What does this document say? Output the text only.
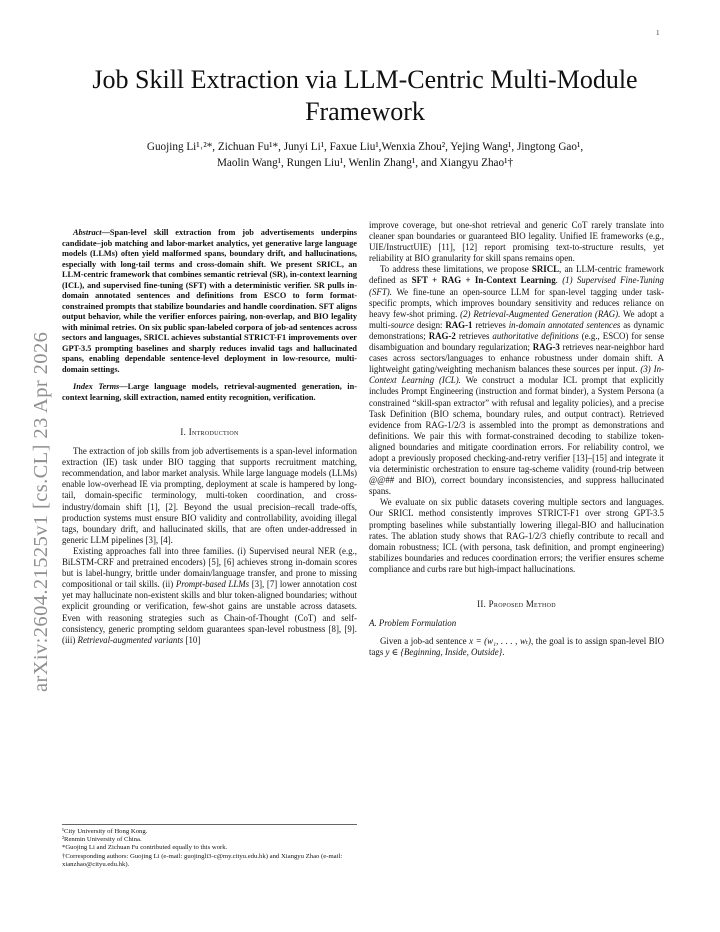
1
arXiv:2604.21525v1 [cs.CL] 23 Apr 2026
Job Skill Extraction via LLM-Centric Multi-Module
Framework

Guojing Li¹˒²*, Zichuan Fu¹*, Junyi Li¹, Faxue Liu¹,Wenxia Zhou², Yejing Wang¹, Jingtong Gao¹,
Maolin Wang¹, Rungen Liu¹, Wenlin Zhang¹, and Xiangyu Zhao¹†

Abstract—Span-level skill extraction from job advertisements underpins candidate–job matching and labor-market analytics, yet generative large language models (LLMs) often yield malformed spans, boundary drift, and hallucinations, especially with long-tail terms and cross-domain shift. We present SRICL, an LLM-centric framework that combines semantic retrieval (SR), in-context learning (ICL), and supervised fine-tuning (SFT) with a deterministic verifier. SR pulls in-domain annotated sentences and definitions from ESCO to form format-constrained prompts that stabilize boundaries and handle coordination. SFT aligns output behavior, while the verifier enforces pairing, non-overlap, and BIO legality with minimal retries. On six public span-labeled corpora of job-ad sentences across sectors and languages, SRICL achieves substantial STRICT-F1 improvements over GPT-3.5 prompting baselines and sharply reduces invalid tags and hallucinated spans, enabling dependable sentence-level deployment in low-resource, multi-domain settings.

Index Terms—Large language models, retrieval-augmented generation, in-context learning, skill extraction, named entity recognition, verification.

I. Introduction

The extraction of job skills from job advertisements is a span-level information extraction (IE) task under BIO tagging that supports recruitment matching, recommendation, and labor market analysis. While large language models (LLMs) enable low-overhead IE via prompting, deployment at scale is hampered by long-tail, domain-specific terminology, multi-token coordination, and cross-industry/domain shift [1], [2]. Beyond the usual precision–recall trade-offs, production systems must ensure BIO validity and controllability, avoiding illegal tags, boundary drift, and hallucinated skills, that are often under-addressed in generic LLM pipelines [3], [4].

Existing approaches fall into three families. (i) Supervised neural NER (e.g., BiLSTM-CRF and pretrained encoders) [5], [6] achieves strong in-domain scores but is label-hungry, brittle under domain/language transfer, and prone to missing compositional or tail skills. (ii) Prompt-based LLMs [3], [7] lower annotation cost yet may hallucinate non-existent skills and blur token-aligned boundaries; without explicit grounding or verification, few-shot gains are unstable across datasets. Even with reasoning strategies such as Chain-of-Thought (CoT) and self-consistency, generic prompting seldom guarantees span-level robustness [8], [9]. (iii) Retrieval-augmented variants [10]

improve coverage, but one-shot retrieval and generic CoT rarely translate into cleaner span boundaries or guaranteed BIO legality. Unified IE frameworks (e.g., UIE/InstructUIE) [11], [12] report promising text-to-structure results, yet reliability at BIO granularity for skill spans remains open.

To address these limitations, we propose SRICL, an LLM-centric framework defined as SFT + RAG + In-Context Learning. (1) Supervised Fine-Tuning (SFT). We fine-tune an open-source LLM for span-level tagging under task-specific prompts, which improves boundary sensitivity and reduces reliance on heavy few-shot priming. (2) Retrieval-Augmented Generation (RAG). We adopt a multi-source design: RAG-1 retrieves in-domain annotated sentences as dynamic demonstrations; RAG-2 retrieves authoritative definitions (e.g., ESCO) for sense disambiguation and boundary regularization; RAG-3 retrieves near-neighbor hard cases across sectors/languages to enhance robustness under domain shift. A lightweight gating/weighting mechanism balances these sources per input. (3) In-Context Learning (ICL). We construct a modular ICL prompt that explicitly includes Prompt Engineering (instruction and format binder), a System Persona (a constrained “skill-span extractor” with refusal and legality policies), and a precise Task Definition (BIO schema, boundary rules, and output contract). Retrieved evidence from RAG-1/2/3 is assembled into the prompt as demonstrations and definitions. We pair this with format-constrained decoding to stabilize token-aligned boundaries and mitigate coordination errors. For reliability control, we adopt a previously proposed checking-and-retry verifier [13]–[15] and integrate it via deterministic orchestration to ensure tag-scheme validity (round-trip between @@## and BIO), correct boundary inconsistencies, and suppress hallucinated spans.

We evaluate on six public datasets covering multiple sectors and languages. Our SRICL method consistently improves STRICT-F1 over strong GPT-3.5 prompting baselines while substantially lowering illegal-BIO and hallucination rates. The ablation study shows that RAG-1/2/3 chiefly contribute to recall and domain robustness; ICL (with persona, task definition, and prompt engineering) stabilizes boundaries and reduces coordination errors; the verifier ensures scheme compliance and curbs rare but high-impact hallucinations.

II. Proposed Method

A. Problem Formulation

Given a job-ad sentence x = (w₁, . . . , wₜ), the goal is to assign span-level BIO tags y ∈ {Beginning, Inside, Outside}.

¹City University of Hong Kong.

²Renmin University of China.

*Guojing Li and Zichuan Fu contributed equally to this work.

†Corresponding authors: Guojing Li (e-mail: guojingli3-c@my.cityu.edu.hk) and Xiangyu Zhao (e-mail: xianzhao@cityu.edu.hk).
